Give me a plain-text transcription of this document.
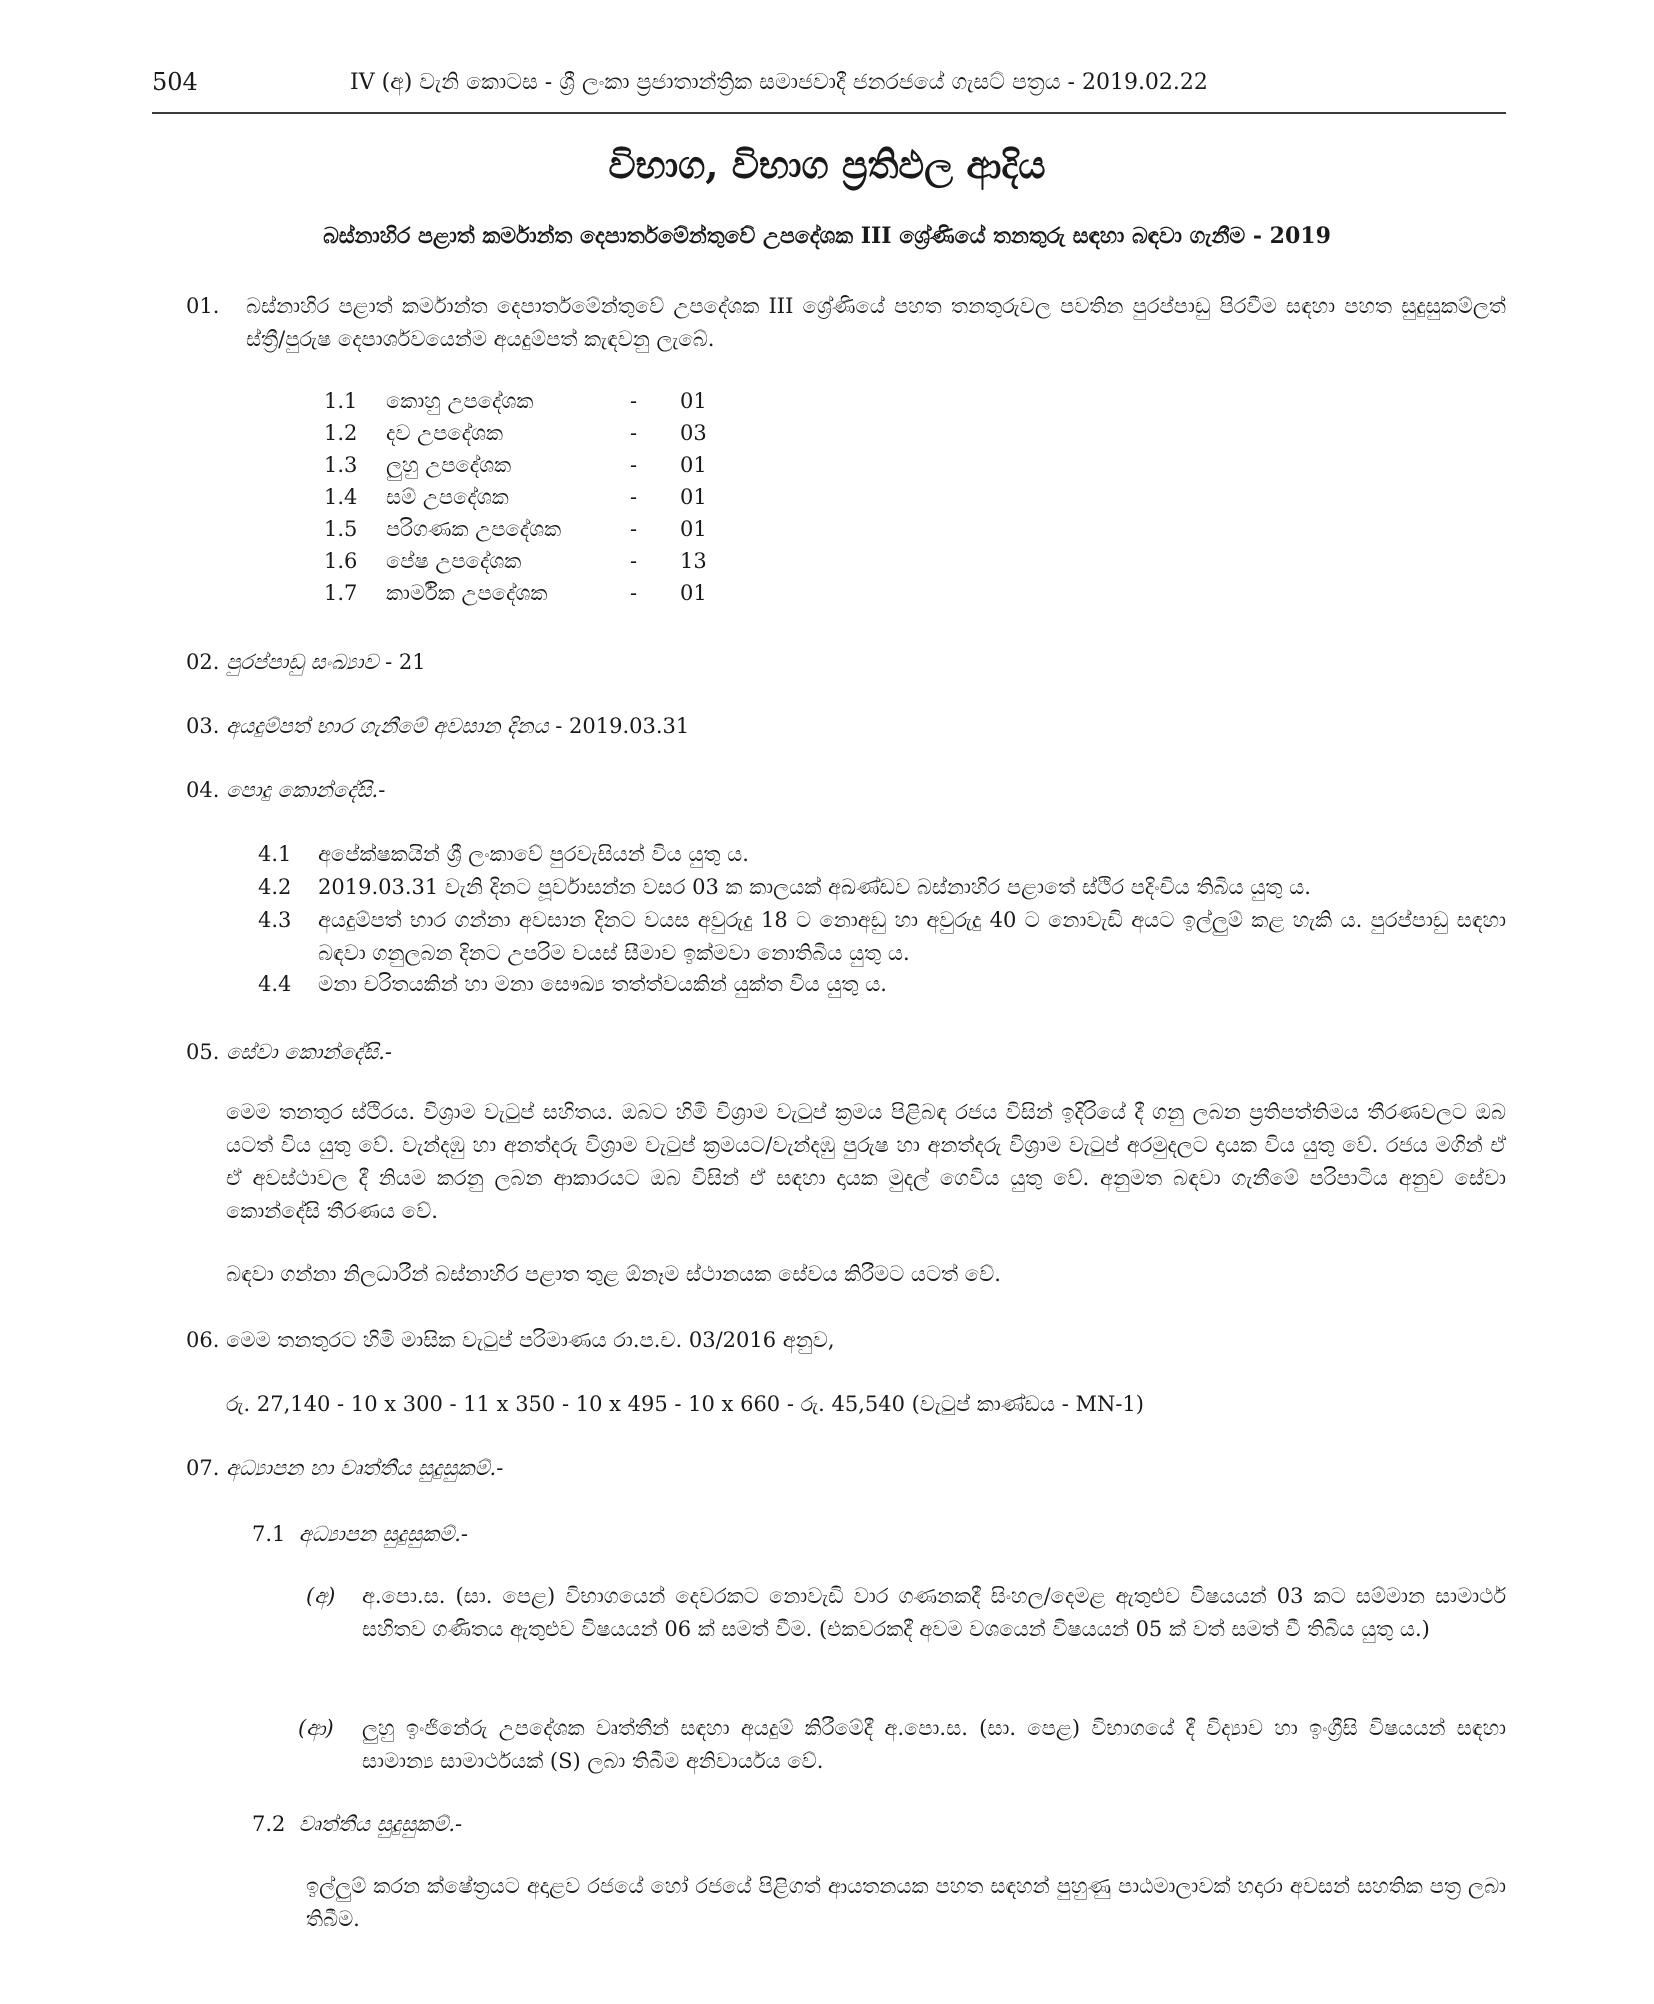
504	IV (අ) වැනි කොටස - ශ්‍රී ලංකා ප්‍රජාතාන්ත්‍රික සමාජවාදී ජනරජයේ ගැසට් පත්‍රය - 2019.02.22
විභාග, විභාග ප්‍රතිඵල ආදිය
බස්නාහිර පළාත් කර්මාන්ත දෙපාර්තමේන්තුවේ උපදේශක III ශ්‍රේණියේ තනතුරු සඳහා බඳවා ගැනීම - 2019
01. බස්නාහිර පළාත් කර්මාන්ත දෙපාර්තමේන්තුවේ උපදේශක III ශ්‍රේණියේ පහත තනතුරුවල පවතින පුරප්පාඩු පිරවීම සඳහා පහත සුදුසුකම්ලත් ස්ත්‍රී/පුරුෂ දෙපාර්ශවයෙන්ම අයදුම්පත් කැඳවනු ලැබේ.
1.1 කොහු උපදේශක	- 01
1.2 දව උපදේශක	- 03
1.3 ලුහු උපදේශක	- 01
1.4 සම් උපදේශක	- 01
1.5 පරිගණක උපදේශක	- 01
1.6 පේෂ උපදේශක	- 13
1.7 කාර්මික උපදේශක	- 01
02. පුරප්පාඩු සංඛ්‍යාව - 21
03. අයදුම්පත් භාර ගැනීමේ අවසාන දිනය - 2019.03.31
04. පොදු කොන්දේසි.-
4.1 අපේක්ෂකයින් ශ්‍රී ලංකාවේ පුරවැසියන් විය යුතු ය.
4.2 2019.03.31 වැනි දිනට පූර්වාසන්න වසර 03 ක කාලයක් අඛණ්ඩව බස්නාහිර පළාතේ ස්ථිර පදිංචිය තිබිය යුතු ය.
4.3 අයදුම්පත් භාර ගන්නා අවසාන දිනට වයස අවුරුදු 18 ට නොඅඩු හා අවුරුදු 40 ට නොවැඩි අයට ඉල්ලුම් කළ හැකි ය. පුරප්පාඩු සඳහා බඳවා ගනුලබන දිනට උපරිම වයස් සීමාව ඉක්මවා නොතිබිය යුතු ය.
4.4 මනා චරිතයකින් හා මනා සෞඛ්‍ය තත්ත්වයකින් යුක්ත විය යුතු ය.
05. සේවා කොන්දේසි.-
මෙම තනතුර ස්ථිරය. විශ්‍රාම වැටුප් සහිතය. ඔබට හිමි විශ්‍රාම වැටුප් ක්‍රමය පිළිබඳ රජය විසින් ඉදිරියේ දී ගනු ලබන ප්‍රතිපත්තිමය තීරණවලට ඔබ යටත් විය යුතු වේ. වැන්දඹු හා අනත්දරු විශ්‍රාම වැටුප් ක්‍රමයට/වැන්දඹු පුරුෂ හා අනත්දරු විශ්‍රාම වැටුප් අරමුදලට දායක විය යුතු වේ. රජය මගින් ඒ ඒ අවස්ථාවල දී නියම කරනු ලබන ආකාරයට ඔබ විසින් ඒ සඳහා දායක මුදල් ගෙවිය යුතු වේ. අනුමත බඳවා ගැනීමේ පරිපාටිය අනුව සේවා කොන්දේසි තීරණය වේ.
බඳවා ගන්නා නිලධාරීන් බස්නාහිර පළාත තුළ ඕනෑම ස්ථානයක සේවය කිරීමට යටත් වේ.
06. මෙම තනතුරට හිමි මාසික වැටුප් පරිමාණය රා.ප.ච. 03/2016 අනුව,
රු. 27,140 - 10 x 300 - 11 x 350 - 10 x 495 - 10 x 660 - රු. 45,540 (වැටුප් කාණ්ඩය - MN-1)
07. අධ්‍යාපන හා වෘත්තීය සුදුසුකම්.-
7.1 අධ්‍යාපන සුදුසුකම්.-
(අ) අ.පො.ස. (සා. පෙළ) විභාගයෙන් දෙවරකට නොවැඩි වාර ගණනකදී සිංහල/දෙමළ ඇතුළුව විෂයයන් 03 කට සම්මාන සාමාර්ථ සහිතව ගණිතය ඇතුළුව විෂයයන් 06 ක් සමත් වීම. (එකවරකදී අවම වශයෙන් විෂයයන් 05 ක් වත් සමත් වී තිබිය යුතු ය.)
(ආ) ලුහු ඉංජිනේරු උපදේශක වෘත්තීන් සඳහා අයදුම් කිරීමේදී අ.පො.ස. (සා. පෙළ) විභාගයේ දී විද්‍යාව හා ඉංග්‍රීසි විෂයයන් සඳහා සාමාන්‍ය සාමාර්ථයක් (S) ලබා තිබීම අනිවාර්යය වේ.
7.2 වෘත්තීය සුදුසුකම්.-
ඉල්ලුම් කරන ක්ෂේත්‍රයට අදාළව රජයේ හෝ රජයේ පිළිගත් ආයතනයක පහත සඳහන් පුහුණු පාඨමාලාවක් හදාරා අවසන් සහතික පත්‍ර ලබා තිබීම.
